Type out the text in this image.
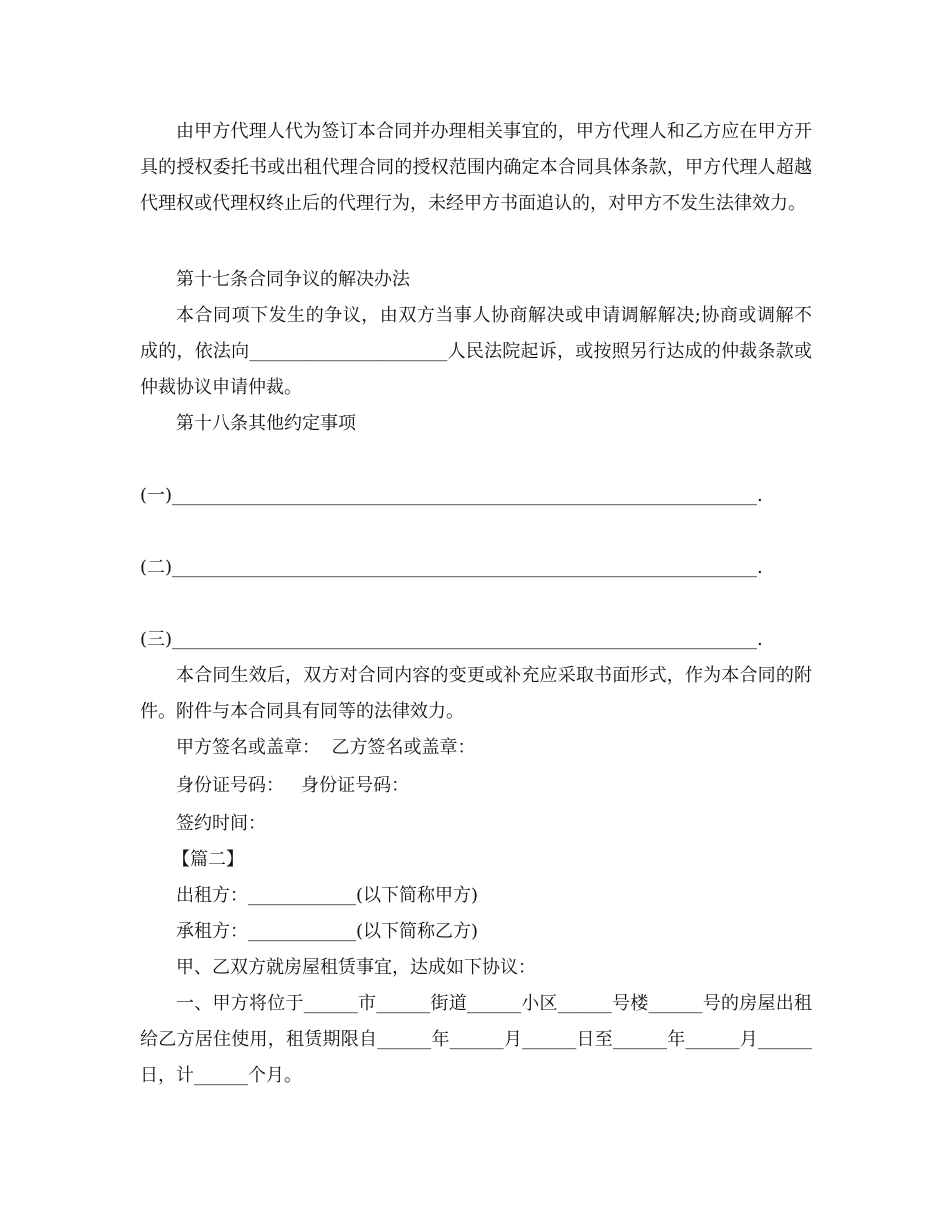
由甲方代理人代为签订本合同并办理相关事宜的，甲方代理人和乙方应在甲方开具的授权委托书或出租代理合同的授权范围内确定本合同具体条款，甲方代理人超越代理权或代理权终止后的代理行为，未经甲方书面追认的，对甲方不发生法律效力。

第十七条合同争议的解决办法

本合同项下发生的争议，由双方当事人协商解决或申请调解解决;协商或调解不成的，依法向______________________人民法院起诉，或按照另行达成的仲裁条款或仲裁协议申请仲裁。

第十八条其他约定事项

(一)_________________________________________________________________.

(二)_________________________________________________________________.

(三)_________________________________________________________________.

本合同生效后，双方对合同内容的变更或补充应采取书面形式，作为本合同的附件。附件与本合同具有同等的法律效力。

甲方签名或盖章：  乙方签名或盖章：

身份证号码：   身份证号码：

签约时间：

【篇二】

出租方：____________(以下简称甲方)

承租方：____________(以下简称乙方)

甲、乙双方就房屋租赁事宜，达成如下协议：

一、甲方将位于______市______街道______小区______号楼______号的房屋出租给乙方居住使用，租赁期限自______年______月______日至______年______月______日，计______个月。
